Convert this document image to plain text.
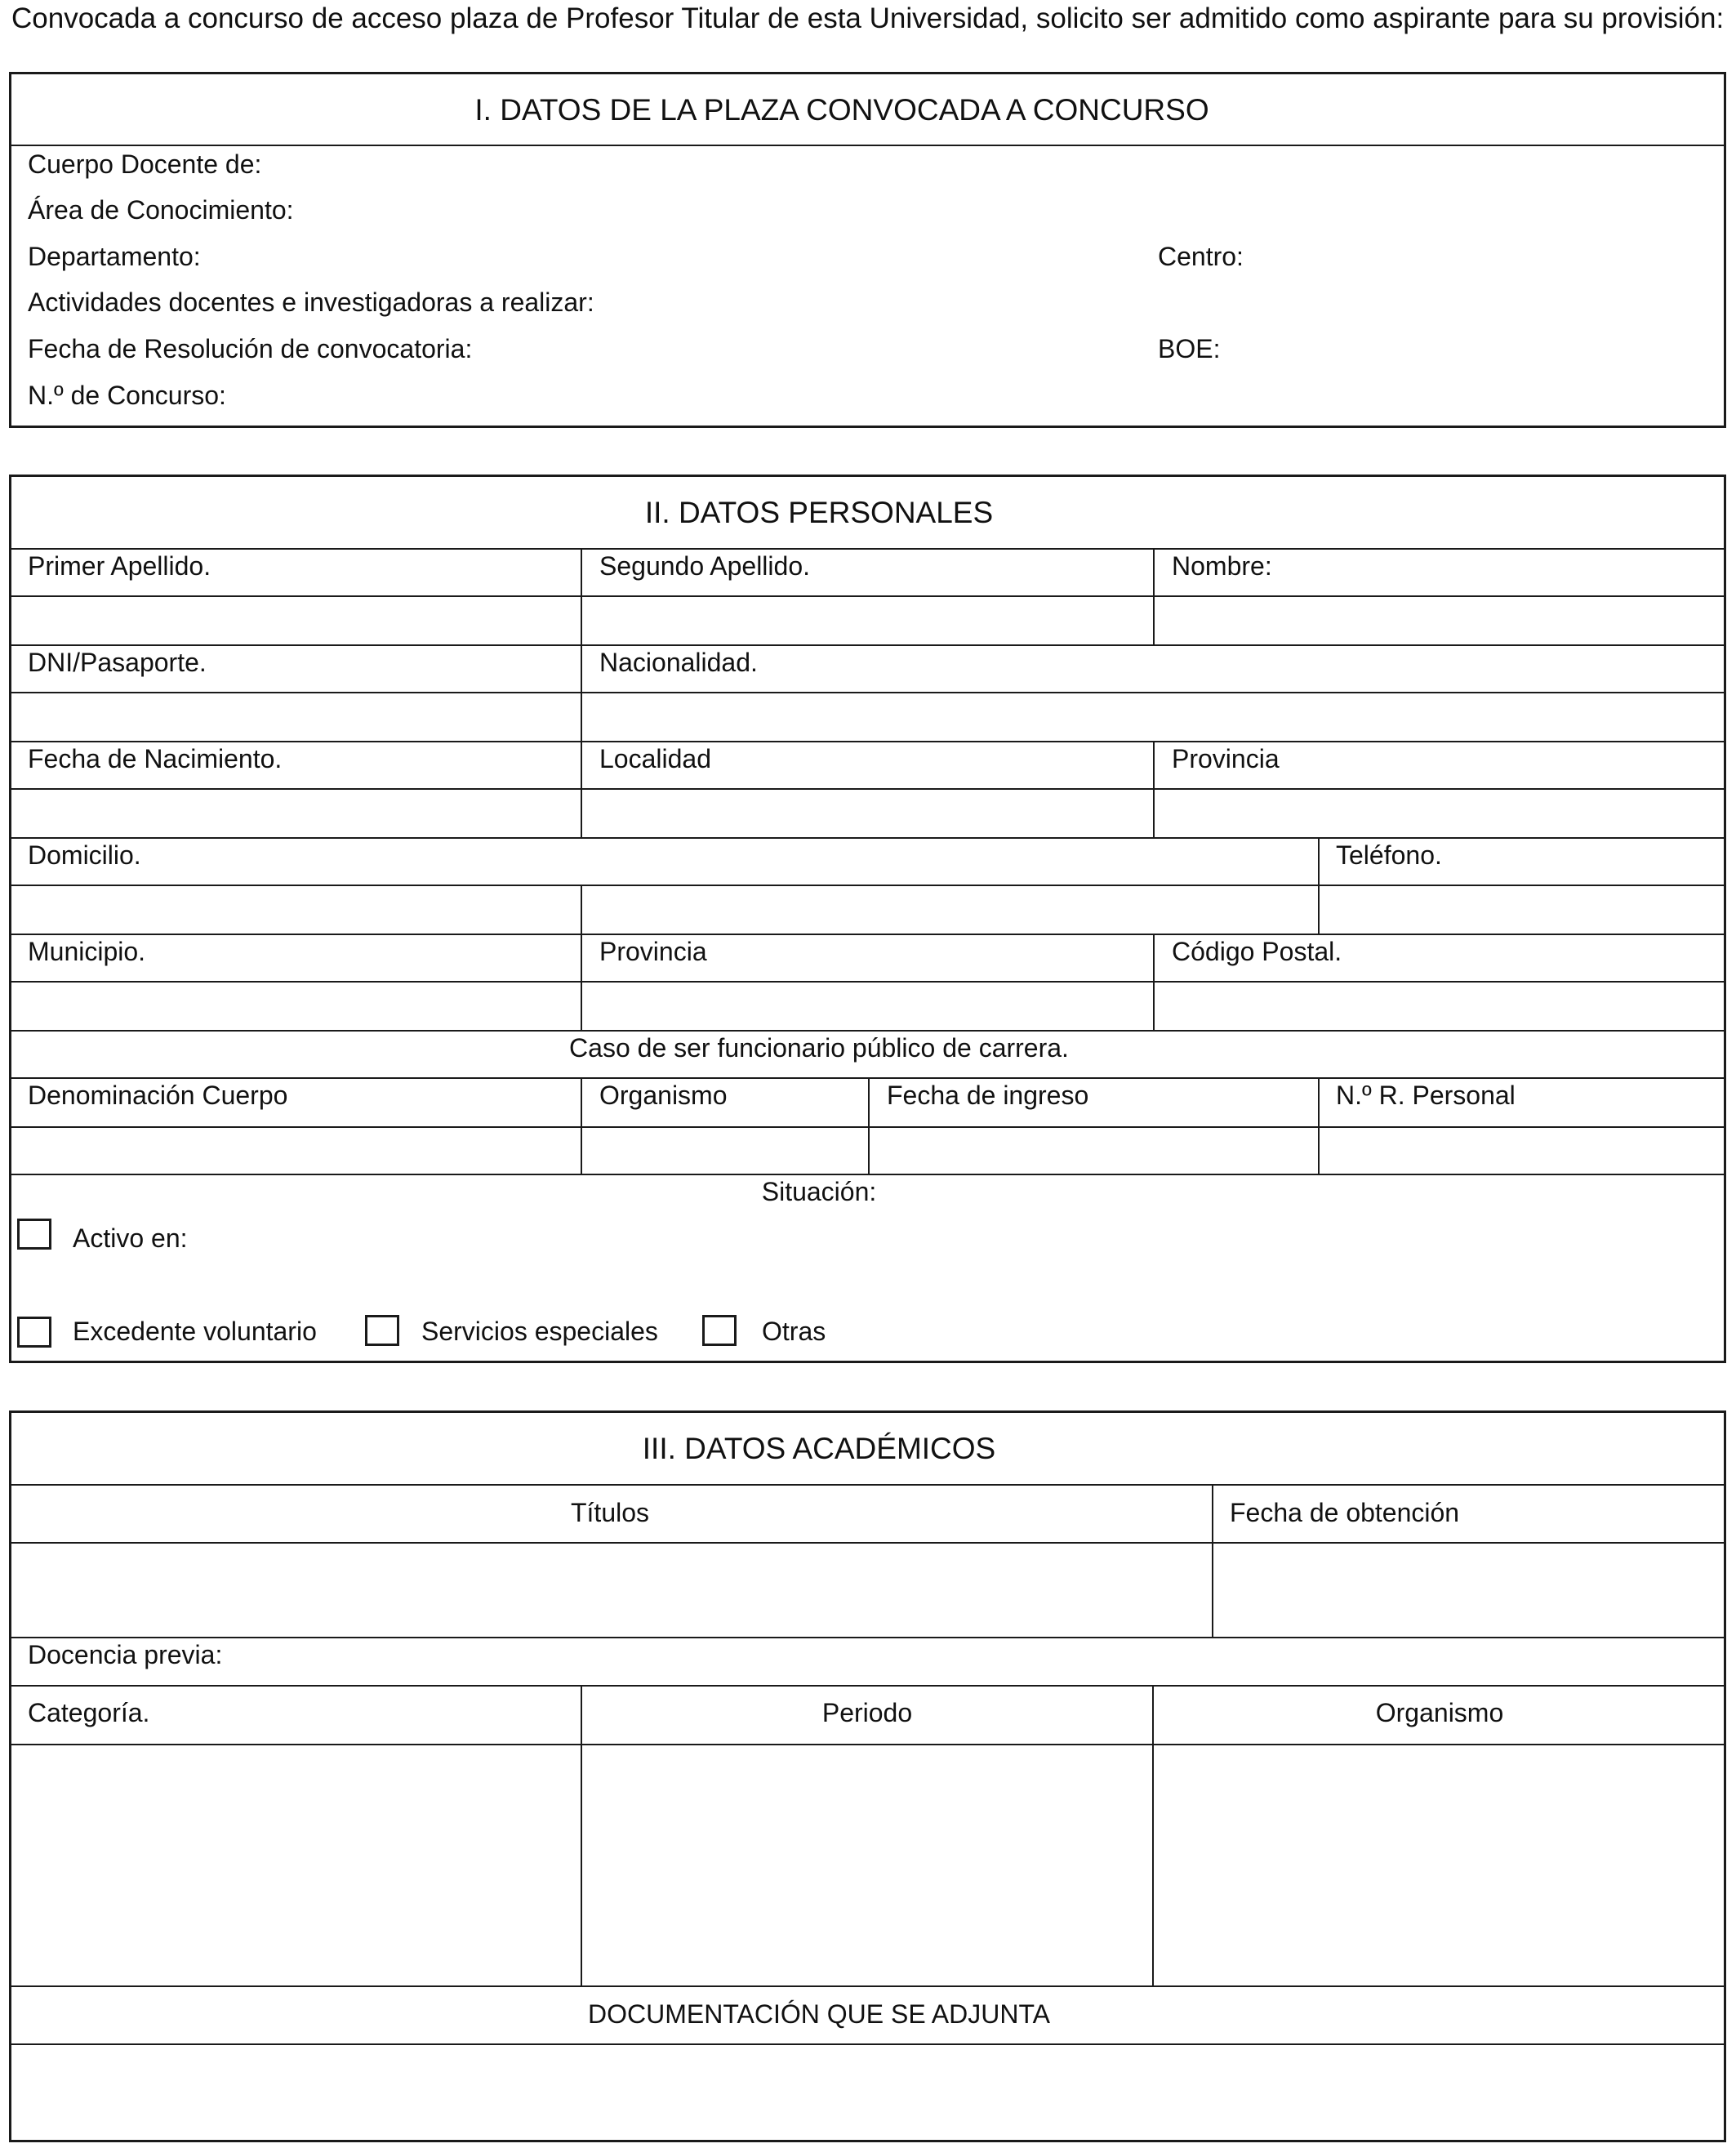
Convocada a concurso de acceso plaza de Profesor Titular de esta Universidad, solicito ser admitido como aspirante para su provisión:
I. DATOS DE LA PLAZA CONVOCADA A CONCURSO
Cuerpo Docente de:
Área de Conocimiento:
Departamento:	Centro:
Actividades docentes e investigadoras a realizar:
Fecha de Resolución de convocatoria:	BOE:
N.º de Concurso:
II. DATOS PERSONALES
Primer Apellido.	Segundo Apellido.	Nombre:
DNI/Pasaporte.	Nacionalidad.
Fecha de Nacimiento.	Localidad	Provincia
Domicilio.	Teléfono.
Municipio.	Provincia	Código Postal.
Caso de ser funcionario público de carrera.
Denominación Cuerpo	Organismo	Fecha de ingreso	N.º R. Personal
Situación:
Activo en:
Excedente voluntario	Servicios especiales	Otras
III. DATOS ACADÉMICOS
Títulos	Fecha de obtención
Docencia previa:
Categoría.	Periodo	Organismo
DOCUMENTACIÓN QUE SE ADJUNTA
